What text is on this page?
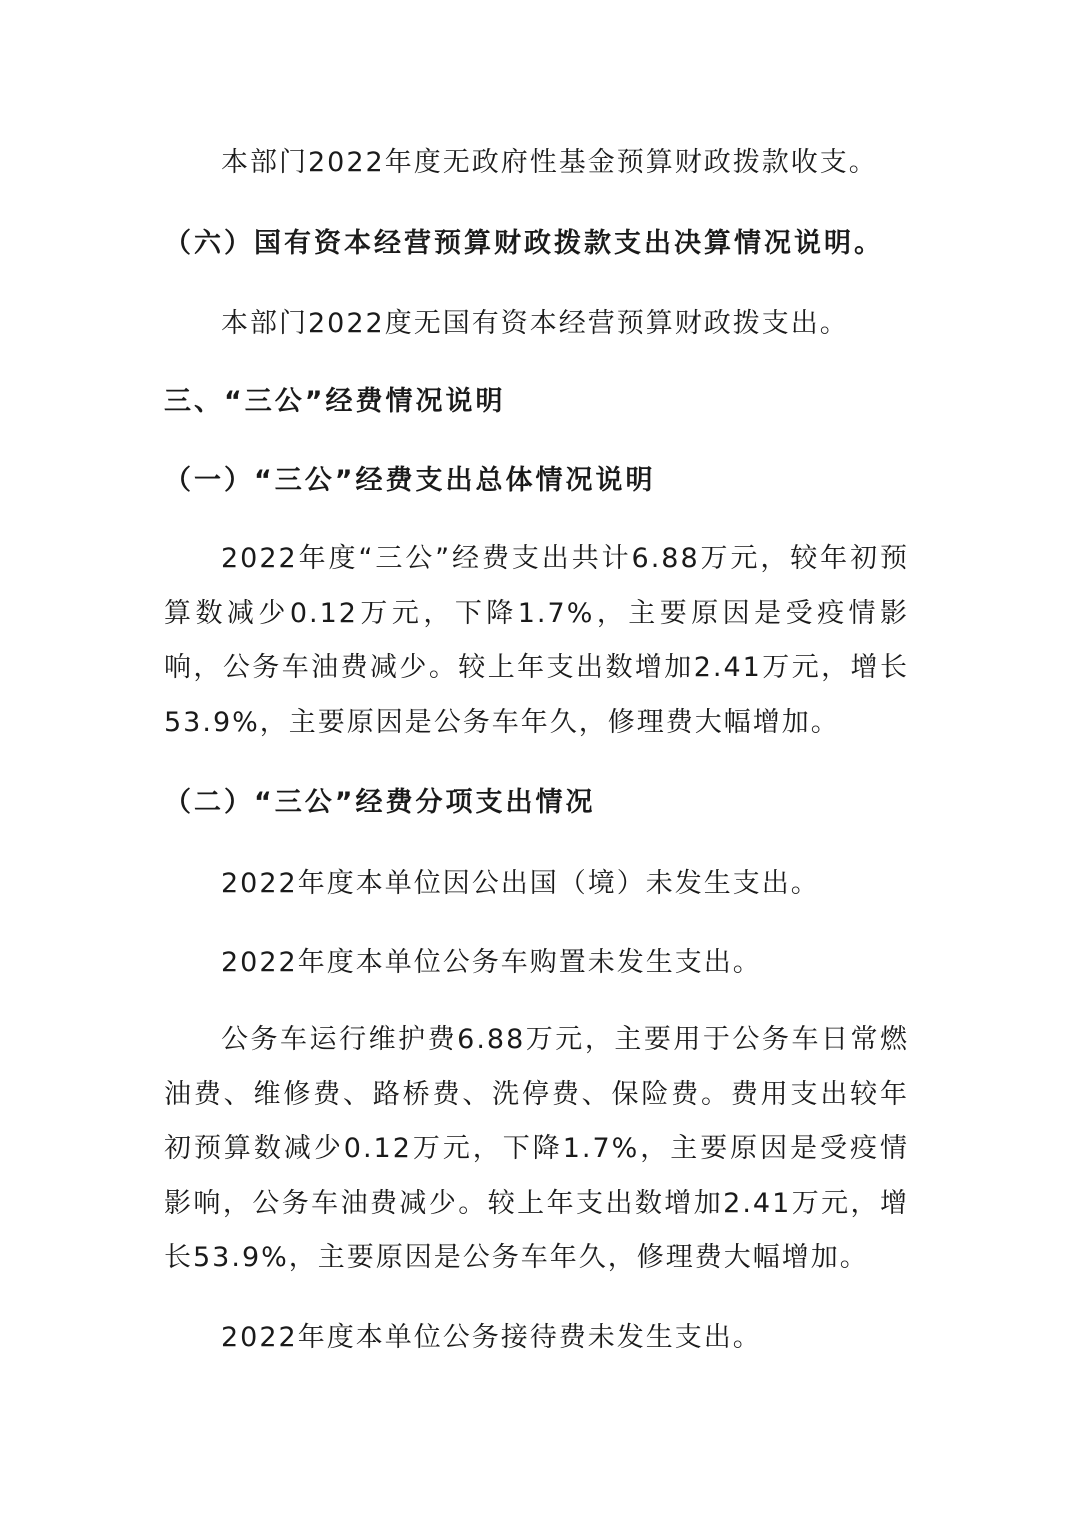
本部门2022年度无政府性基金预算财政拨款收支。

（六）国有资本经营预算财政拨款支出决算情况说明。

本部门2022度无国有资本经营预算财政拨支出。

三、“三公”经费情况说明

（一）“三公”经费支出总体情况说明

2022年度“三公”经费支出共计6.88万元，较年初预算数减少0.12万元，下降1.7%，主要原因是受疫情影响，公务车油费减少。较上年支出数增加2.41万元，增长53.9%，主要原因是公务车年久，修理费大幅增加。

（二）“三公”经费分项支出情况

2022年度本单位因公出国（境）未发生支出。

2022年度本单位公务车购置未发生支出。

公务车运行维护费6.88万元，主要用于公务车日常燃油费、维修费、路桥费、洗停费、保险费。费用支出较年初预算数减少0.12万元，下降1.7%，主要原因是受疫情影响，公务车油费减少。较上年支出数增加2.41万元，增长53.9%，主要原因是公务车年久，修理费大幅增加。

2022年度本单位公务接待费未发生支出。
